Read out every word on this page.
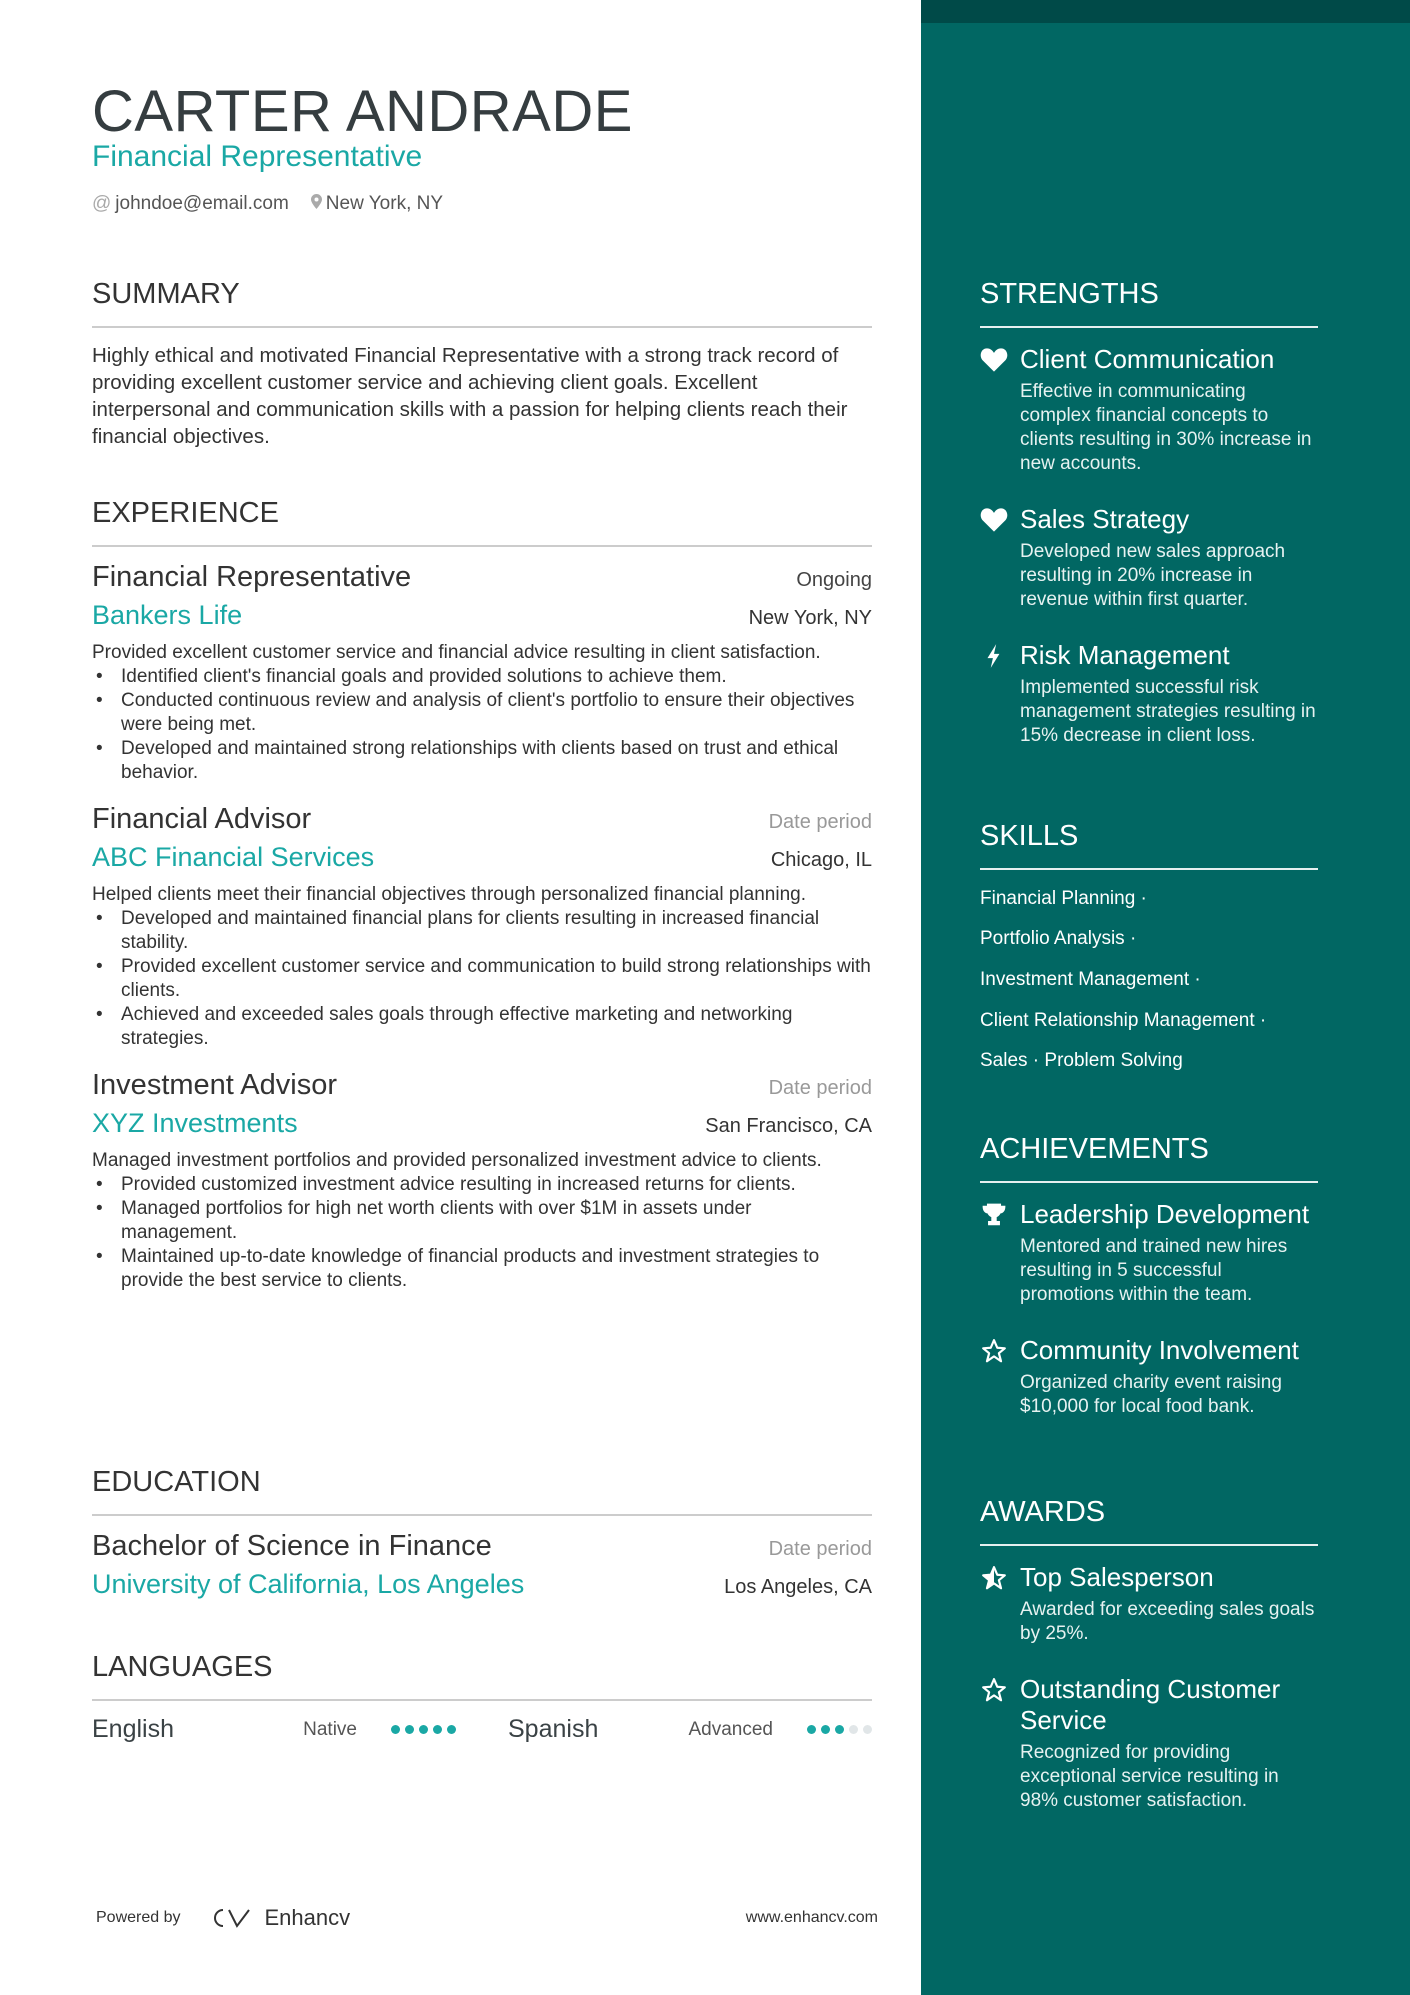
CARTER ANDRADE
Financial Representative
@ johndoe@email.com	New York, NY
SUMMARY
Highly ethical and motivated Financial Representative with a strong track record of providing excellent customer service and achieving client goals. Excellent interpersonal and communication skills with a passion for helping clients reach their financial objectives.
EXPERIENCE
Financial Representative	Ongoing
Bankers Life	New York, NY
Provided excellent customer service and financial advice resulting in client satisfaction.
• Identified client's financial goals and provided solutions to achieve them.
• Conducted continuous review and analysis of client's portfolio to ensure their objectives were being met.
• Developed and maintained strong relationships with clients based on trust and ethical behavior.
Financial Advisor	Date period
ABC Financial Services	Chicago, IL
Helped clients meet their financial objectives through personalized financial planning.
• Developed and maintained financial plans for clients resulting in increased financial stability.
• Provided excellent customer service and communication to build strong relationships with clients.
• Achieved and exceeded sales goals through effective marketing and networking strategies.
Investment Advisor	Date period
XYZ Investments	San Francisco, CA
Managed investment portfolios and provided personalized investment advice to clients.
• Provided customized investment advice resulting in increased returns for clients.
• Managed portfolios for high net worth clients with over $1M in assets under management.
• Maintained up-to-date knowledge of financial products and investment strategies to provide the best service to clients.
EDUCATION
Bachelor of Science in Finance	Date period
University of California, Los Angeles	Los Angeles, CA
LANGUAGES
English	Native	Spanish	Advanced
Powered by	Enhancv	www.enhancv.com
STRENGTHS
Client Communication
Effective in communicating complex financial concepts to clients resulting in 30% increase in new accounts.
Sales Strategy
Developed new sales approach resulting in 20% increase in revenue within first quarter.
Risk Management
Implemented successful risk management strategies resulting in 15% decrease in client loss.
SKILLS
Financial Planning ·
Portfolio Analysis ·
Investment Management ·
Client Relationship Management ·
Sales · Problem Solving
ACHIEVEMENTS
Leadership Development
Mentored and trained new hires resulting in 5 successful promotions within the team.
Community Involvement
Organized charity event raising $10,000 for local food bank.
AWARDS
Top Salesperson
Awarded for exceeding sales goals by 25%.
Outstanding Customer Service
Recognized for providing exceptional service resulting in 98% customer satisfaction.
